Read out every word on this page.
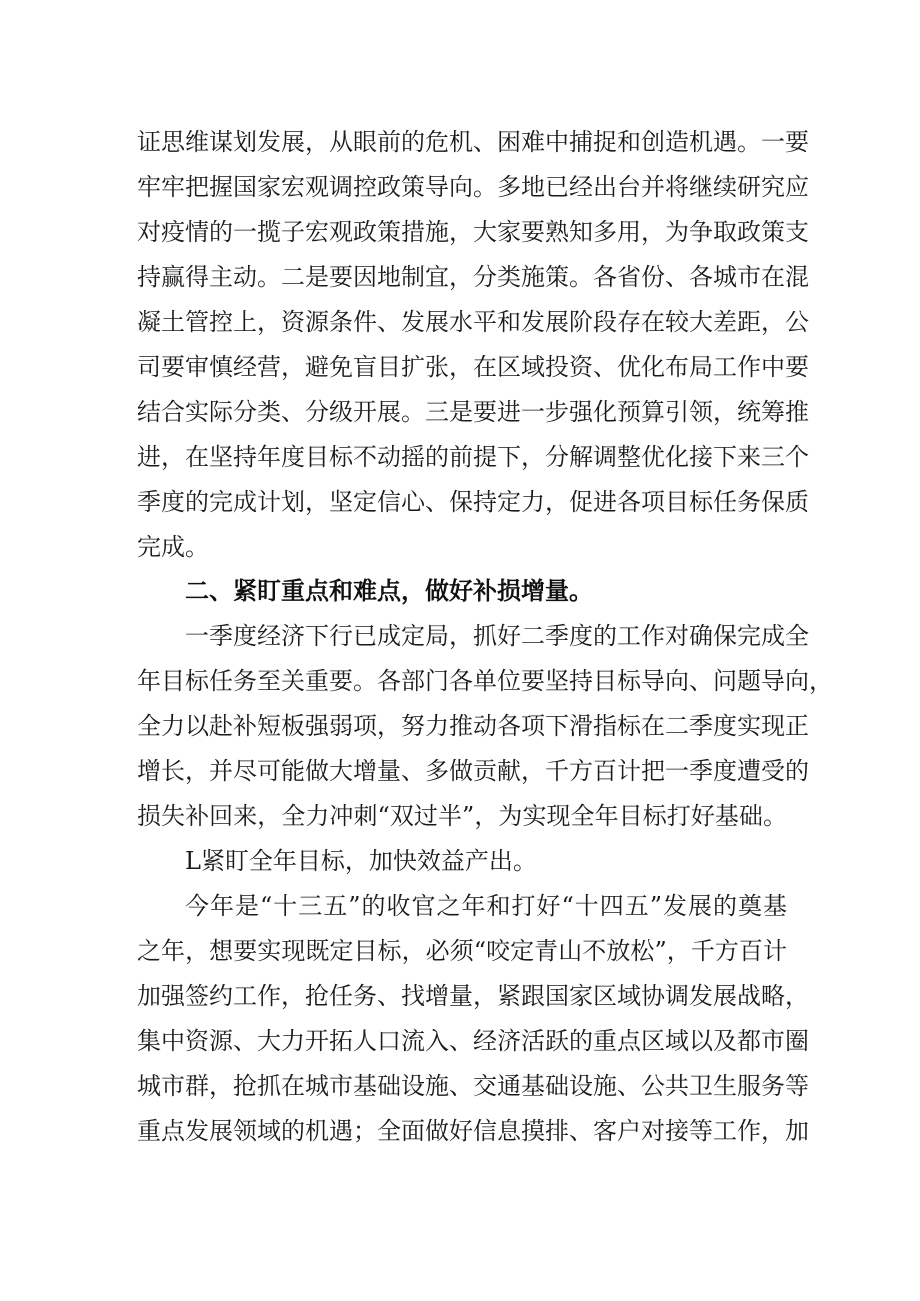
证思维谋划发展，从眼前的危机、困难中捕捉和创造机遇。一要
牢牢把握国家宏观调控政策导向。多地已经出台并将继续研究应
对疫情的一揽子宏观政策措施，大家要熟知多用，为争取政策支
持赢得主动。二是要因地制宜，分类施策。各省份、各城市在混
凝土管控上，资源条件、发展水平和发展阶段存在较大差距，公
司要审慎经营，避免盲目扩张，在区域投资、优化布局工作中要
结合实际分类、分级开展。三是要进一步强化预算引领，统筹推
进，在坚持年度目标不动摇的前提下，分解调整优化接下来三个
季度的完成计划，坚定信心、保持定力，促进各项目标任务保质
完成。
二、紧盯重点和难点，做好补损增量。
一季度经济下行已成定局，抓好二季度的工作对确保完成全
年目标任务至关重要。各部门各单位要坚持目标导向、问题导向，
全力以赴补短板强弱项，努力推动各项下滑指标在二季度实现正
增长，并尽可能做大增量、多做贡献，千方百计把一季度遭受的
损失补回来，全力冲刺“双过半”，为实现全年目标打好基础。
L紧盯全年目标，加快效益产出。
今年是“十三五”的收官之年和打好“十四五”发展的奠基
之年，想要实现既定目标，必须“咬定青山不放松”，千方百计
加强签约工作，抢任务、找增量，紧跟国家区域协调发展战略，
集中资源、大力开拓人口流入、经济活跃的重点区域以及都市圈
城市群，抢抓在城市基础设施、交通基础设施、公共卫生服务等
重点发展领域的机遇；全面做好信息摸排、客户对接等工作，加
